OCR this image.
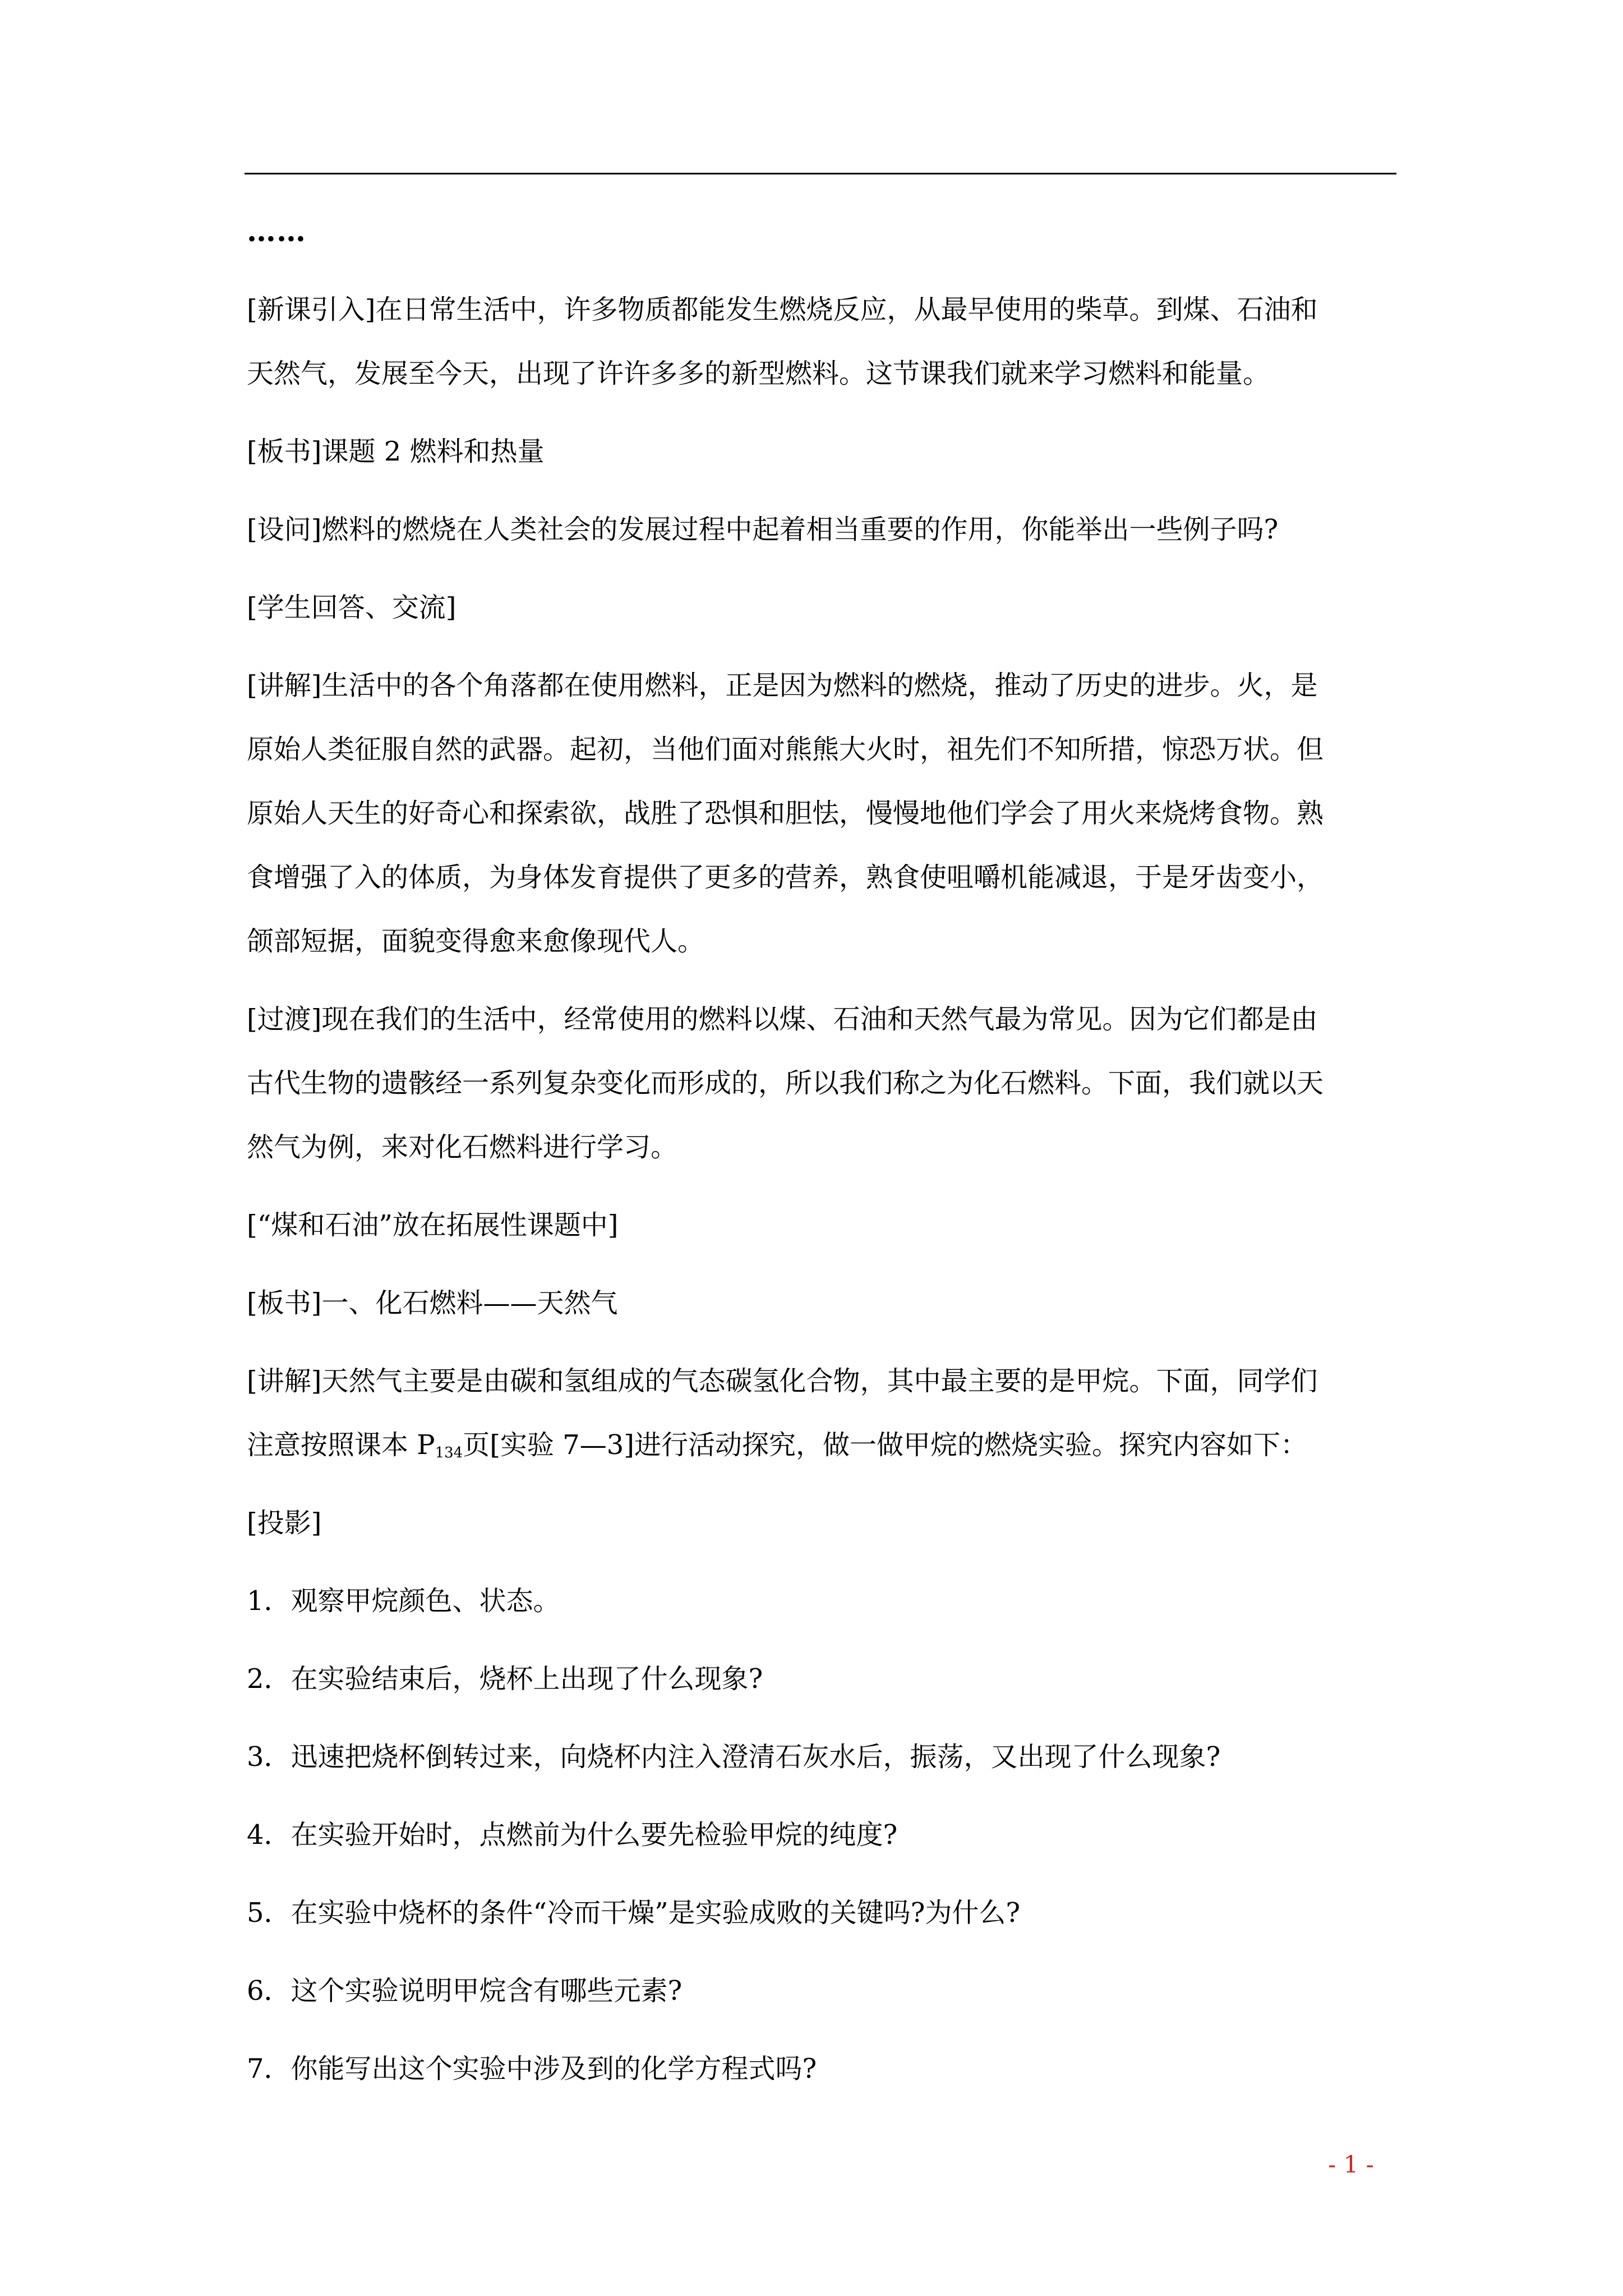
……
[新课引入]在日常生活中，许多物质都能发生燃烧反应，从最早使用的柴草。到煤、石油和
天然气，发展至今天，出现了许许多多的新型燃料。这节课我们就来学习燃料和能量。
[板书]课题 2 燃料和热量
[设问]燃料的燃烧在人类社会的发展过程中起着相当重要的作用，你能举出一些例子吗?
[学生回答、交流]
[讲解]生活中的各个角落都在使用燃料，正是因为燃料的燃烧，推动了历史的进步。火，是
原始人类征服自然的武器。起初，当他们面对熊熊大火时，祖先们不知所措，惊恐万状。但
原始人天生的好奇心和探索欲，战胜了恐惧和胆怯，慢慢地他们学会了用火来烧烤食物。熟
食增强了入的体质，为身体发育提供了更多的营养，熟食使咀嚼机能减退，于是牙齿变小，
颌部短据，面貌变得愈来愈像现代人。
[过渡]现在我们的生活中，经常使用的燃料以煤、石油和天然气最为常见。因为它们都是由
古代生物的遗骸经一系列复杂变化而形成的，所以我们称之为化石燃料。下面，我们就以天
然气为例，来对化石燃料进行学习。
[“煤和石油”放在拓展性课题中]
[板书]一、化石燃料——天然气
[讲解]天然气主要是由碳和氢组成的气态碳氢化合物，其中最主要的是甲烷。下面，同学们
注意按照课本 $P_{134}$页[实验 7—3]进行活动探究，做一做甲烷的燃烧实验。探究内容如下：
[投影]
1．观察甲烷颜色、状态。
2．在实验结束后，烧杯上出现了什么现象?
3．迅速把烧杯倒转过来，向烧杯内注入澄清石灰水后，振荡，又出现了什么现象?
4．在实验开始时，点燃前为什么要先检验甲烷的纯度?
5．在实验中烧杯的条件“冷而干燥”是实验成败的关键吗?为什么?
6．这个实验说明甲烷含有哪些元素?
7．你能写出这个实验中涉及到的化学方程式吗?
- 1 -
